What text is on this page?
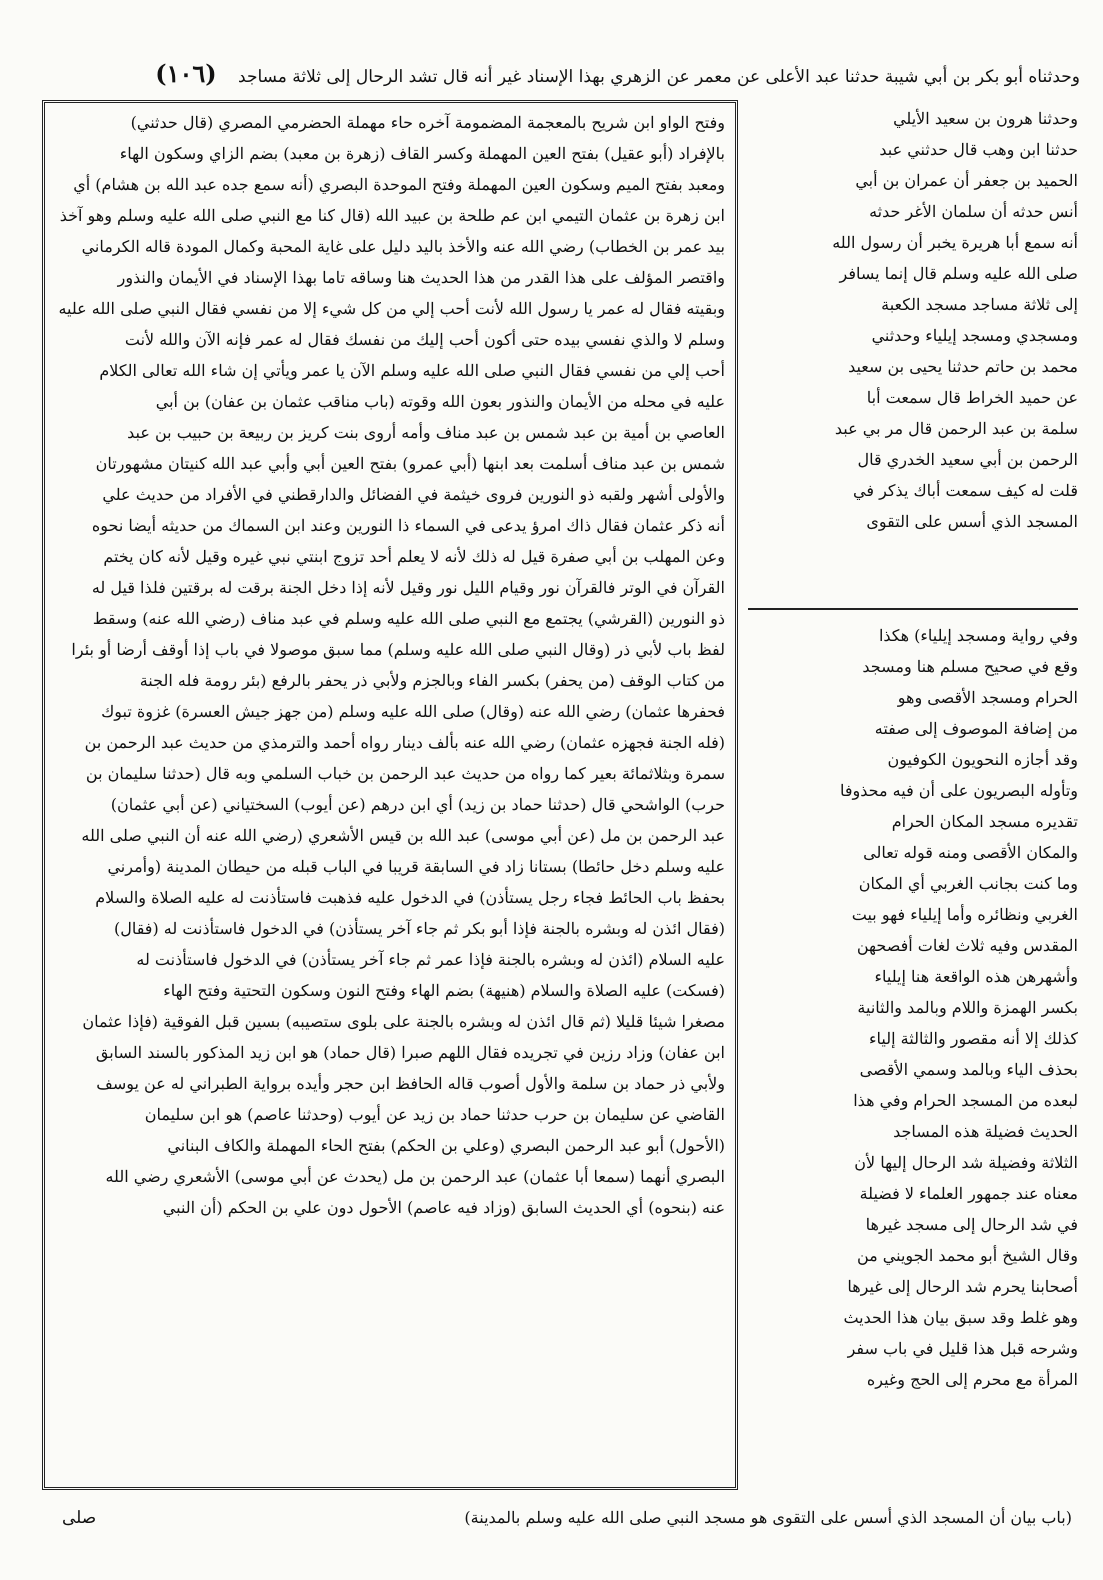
وحدثناه أبو بكر بن أبي شيبة حدثنا عبد الأعلى عن معمر عن الزهري بهذا الإسناد غير أنه قال تشد الرحال إلى ثلاثة مساجد (١٠٦)
وفتح الواو ابن شريح بالمعجمة المضمومة آخره حاء مهملة الحضرمي المصري (قال حدثني)
بالإفراد (أبو عقيل) بفتح العين المهملة وكسر القاف (زهرة بن معبد) بضم الزاي وسكون الهاء
ومعبد بفتح الميم وسكون العين المهملة وفتح الموحدة البصري (أنه سمع جده عبد الله بن هشام) أي
ابن زهرة بن عثمان التيمي ابن عم طلحة بن عبيد الله (قال كنا مع النبي صلى الله عليه وسلم وهو آخذ
بيد عمر بن الخطاب) رضي الله عنه والأخذ باليد دليل على غاية المحبة وكمال المودة قاله الكرماني
واقتصر المؤلف على هذا القدر من هذا الحديث هنا وساقه تاما بهذا الإسناد في الأيمان والنذور
وبقيته فقال له عمر يا رسول الله لأنت أحب إلي من كل شيء إلا من نفسي فقال النبي صلى الله عليه
وسلم لا والذي نفسي بيده حتى أكون أحب إليك من نفسك فقال له عمر فإنه الآن والله لأنت
أحب إلي من نفسي فقال النبي صلى الله عليه وسلم الآن يا عمر ويأتي إن شاء الله تعالى الكلام
عليه في محله من الأيمان والنذور بعون الله وقوته (باب مناقب عثمان بن عفان) بن أبي
العاصي بن أمية بن عبد شمس بن عبد مناف وأمه أروى بنت كريز بن ربيعة بن حبيب بن عبد
شمس بن عبد مناف أسلمت بعد ابنها (أبي عمرو) بفتح العين أبي وأبي عبد الله كنيتان مشهورتان
والأولى أشهر ولقبه ذو النورين فروى خيثمة في الفضائل والدارقطني في الأفراد من حديث علي
أنه ذكر عثمان فقال ذاك امرؤ يدعى في السماء ذا النورين وعند ابن السماك من حديثه أيضا نحوه
وعن المهلب بن أبي صفرة قيل له ذلك لأنه لا يعلم أحد تزوج ابنتي نبي غيره وقيل لأنه كان يختم
القرآن في الوتر فالقرآن نور وقيام الليل نور وقيل لأنه إذا دخل الجنة برقت له برقتين فلذا قيل له
ذو النورين (القرشي) يجتمع مع النبي صلى الله عليه وسلم في عبد مناف (رضي الله عنه) وسقط
لفظ باب لأبي ذر (وقال النبي صلى الله عليه وسلم) مما سبق موصولا في باب إذا أوقف أرضا أو بئرا
من كتاب الوقف (من يحفر) بكسر الفاء وبالجزم ولأبي ذر يحفر بالرفع (بئر رومة فله الجنة
فحفرها عثمان) رضي الله عنه (وقال) صلى الله عليه وسلم (من جهز جيش العسرة) غزوة تبوك
(فله الجنة فجهزه عثمان) رضي الله عنه بألف دينار رواه أحمد والترمذي من حديث عبد الرحمن بن
سمرة وبثلاثمائة بعير كما رواه من حديث عبد الرحمن بن خباب السلمي وبه قال (حدثنا سليمان بن
حرب) الواشحي قال (حدثنا حماد بن زيد) أي ابن درهم (عن أيوب) السختياني (عن أبي عثمان)
عبد الرحمن بن مل (عن أبي موسى) عبد الله بن قيس الأشعري (رضي الله عنه أن النبي صلى الله
عليه وسلم دخل حائطا) بستانا زاد في السابقة قريبا في الباب قبله من حيطان المدينة (وأمرني
بحفظ باب الحائط فجاء رجل يستأذن) في الدخول عليه فذهبت فاستأذنت له عليه الصلاة والسلام
(فقال ائذن له وبشره بالجنة فإذا أبو بكر ثم جاء آخر يستأذن) في الدخول فاستأذنت له (فقال)
عليه السلام (ائذن له وبشره بالجنة فإذا عمر ثم جاء آخر يستأذن) في الدخول فاستأذنت له
(فسكت) عليه الصلاة والسلام (هنيهة) بضم الهاء وفتح النون وسكون التحتية وفتح الهاء
مصغرا شيئا قليلا (ثم قال ائذن له وبشره بالجنة على بلوى ستصيبه) بسين قبل الفوقية (فإذا عثمان
ابن عفان) وزاد رزين في تجريده فقال اللهم صبرا (قال حماد) هو ابن زيد المذكور بالسند السابق
ولأبي ذر حماد بن سلمة والأول أصوب قاله الحافظ ابن حجر وأيده برواية الطبراني له عن يوسف
القاضي عن سليمان بن حرب حدثنا حماد بن زيد عن أيوب (وحدثنا عاصم) هو ابن سليمان
(الأحول) أبو عبد الرحمن البصري (وعلي بن الحكم) بفتح الحاء المهملة والكاف البناني
البصري أنهما (سمعا أبا عثمان) عبد الرحمن بن مل (يحدث عن أبي موسى) الأشعري رضي الله
عنه (بنحوه) أي الحديث السابق (وزاد فيه عاصم) الأحول دون علي بن الحكم (أن النبي
وحدثنا هرون بن سعيد الأيلي
حدثنا ابن وهب قال حدثني عبد
الحميد بن جعفر أن عمران بن أبي
أنس حدثه أن سلمان الأغر حدثه
أنه سمع أبا هريرة يخبر أن رسول الله
صلى الله عليه وسلم قال إنما يسافر
إلى ثلاثة مساجد مسجد الكعبة
ومسجدي ومسجد إيلياء وحدثني
محمد بن حاتم حدثنا يحيى بن سعيد
عن حميد الخراط قال سمعت أبا
سلمة بن عبد الرحمن قال مر بي عبد
الرحمن بن أبي سعيد الخدري قال
قلت له كيف سمعت أباك يذكر في
المسجد الذي أسس على التقوى
وفي رواية ومسجد إيلياء) هكذا
وقع في صحيح مسلم هنا ومسجد
الحرام ومسجد الأقصى وهو
من إضافة الموصوف إلى صفته
وقد أجازه النحويون الكوفيون
وتأوله البصريون على أن فيه محذوفا
تقديره مسجد المكان الحرام
والمكان الأقصى ومنه قوله تعالى
وما كنت بجانب الغربي أي المكان
الغربي ونظائره وأما إيلياء فهو بيت
المقدس وفيه ثلاث لغات أفصحهن
وأشهرهن هذه الواقعة هنا إيلياء
بكسر الهمزة واللام وبالمد والثانية
كذلك إلا أنه مقصور والثالثة إلياء
بحذف الياء وبالمد وسمي الأقصى
لبعده من المسجد الحرام وفي هذا
الحديث فضيلة هذه المساجد
الثلاثة وفضيلة شد الرحال إليها لأن
معناه عند جمهور العلماء لا فضيلة
في شد الرحال إلى مسجد غيرها
وقال الشيخ أبو محمد الجويني من
أصحابنا يحرم شد الرحال إلى غيرها
وهو غلط وقد سبق بيان هذا الحديث
وشرحه قبل هذا قليل في باب سفر
المرأة مع محرم إلى الحج وغيره
(باب بيان أن المسجد الذي أسس على التقوى هو مسجد النبي صلى الله عليه وسلم بالمدينة)
صلى
